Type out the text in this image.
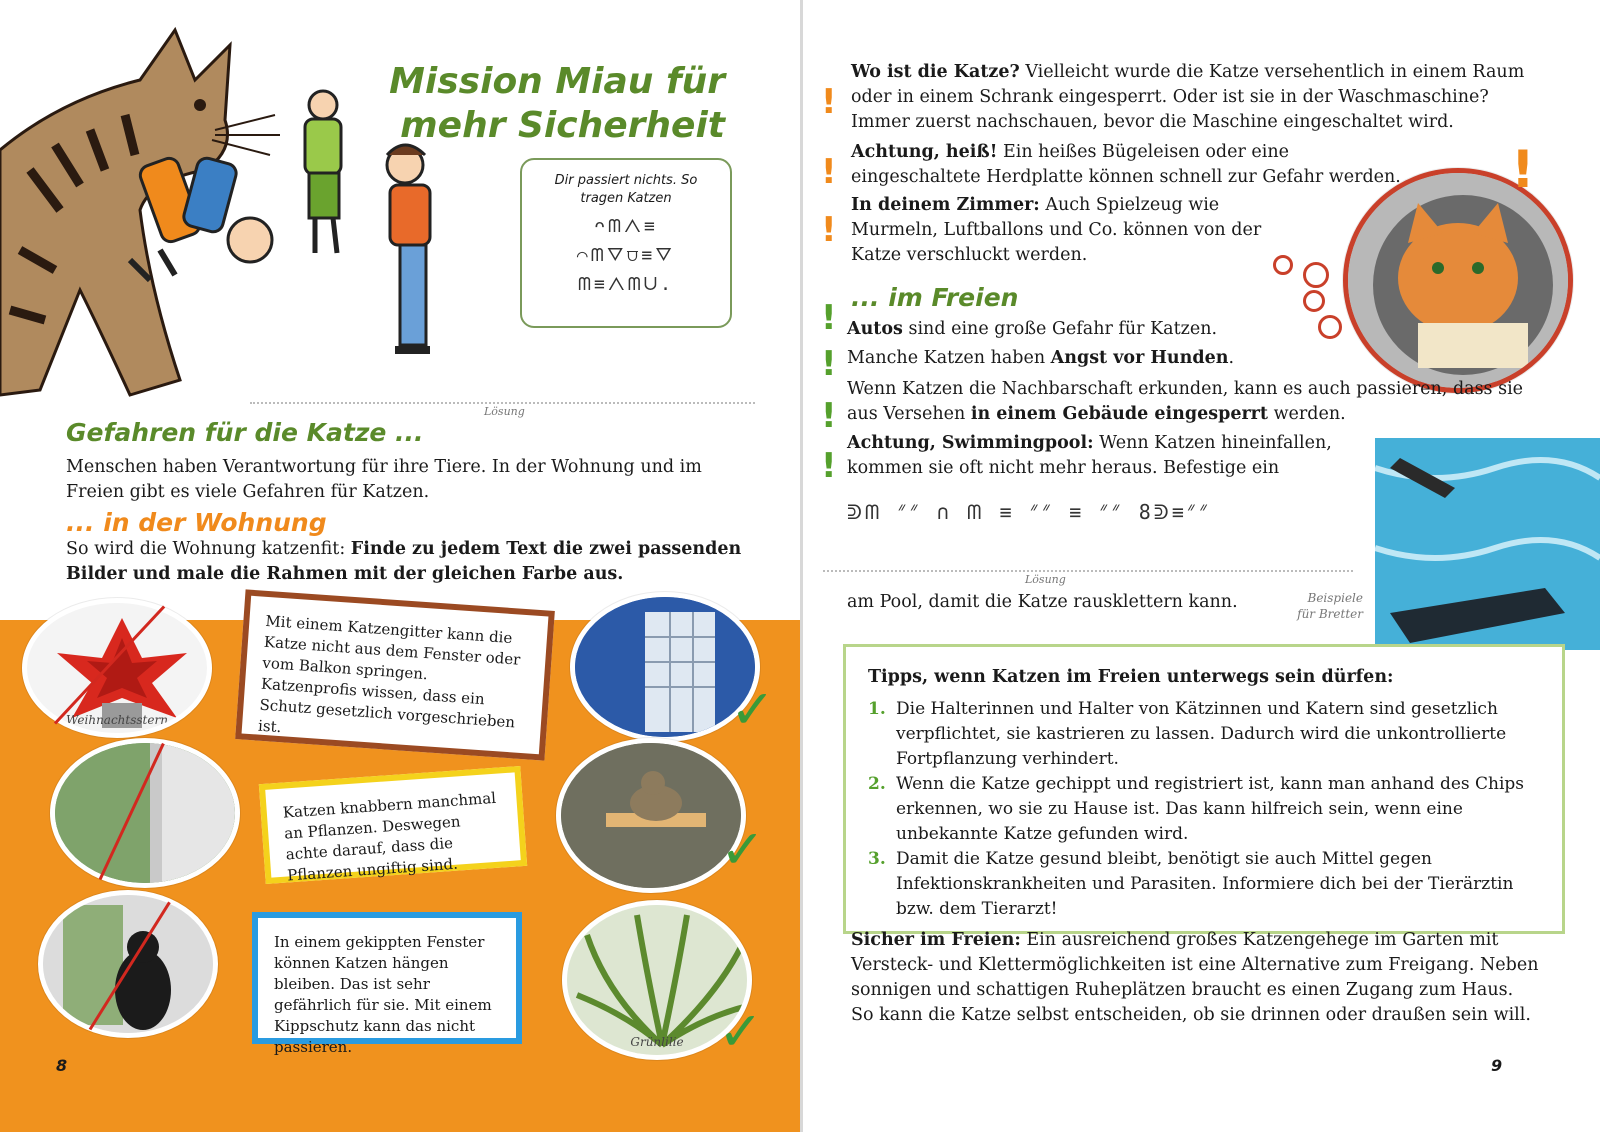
Mission Miau für mehr Sicherheit
Dir passiert nichts. So tragen Katzen
ᴖᗰᐱ≡
⌒ᗰᐁ⩌≡ᐁ
ᗰ≡ᐱᗰᑌ.
Lösung
Gefahren für die Katze ...

Menschen haben Verantwortung für ihre Tiere. In der Wohnung und im Freien gibt es viele Gefahren für Katzen.

... in der Wohnung

So wird die Wohnung katzenfit: Finde zu jedem Text die zwei passenden Bilder und male die Rahmen mit der gleichen Farbe aus.

Weihnachtsstern
Mit einem Katzengitter kann die Katze nicht aus dem Fenster oder vom Balkon springen. Katzenprofis wissen, dass ein Schutz gesetzlich vorgeschrieben ist.
Katzen knabbern manchmal an Pflanzen. Deswegen achte darauf, dass die Pflanzen ungiftig sind.
In einem gekippten Fenster können Katzen hängen bleiben. Das ist sehr gefährlich für sie. Mit einem Kippschutz kann das nicht passieren.
✓
✓
Grünlilie ✓
8
!
!
!

Wo ist die Katze? Vielleicht wurde die Katze versehentlich in einem Raum oder in einem Schrank eingesperrt. Oder ist sie in der Waschmaschine? Immer zuerst nachschauen, bevor die Maschine eingeschaltet wird.

Achtung, heiß! Ein heißes Bügeleisen oder eine eingeschaltete Herdplatte können schnell zur Gefahr werden.

In deinem Zimmer: Auch Spielzeug wie Murmeln, Luftballons und Co. können von der Katze verschluckt werden.

!
... im Freien
!
!
!
!

Autos sind eine große Gefahr für Katzen.

Manche Katzen haben Angst vor Hunden.

Wenn Katzen die Nachbarschaft erkunden, kann es auch passieren, dass sie aus Versehen in einem Gebäude eingesperrt werden.

Achtung, Swimmingpool: Wenn Katzen hineinfallen, kommen sie oft nicht mehr heraus. Befestige ein

ᕲᗰ ᐥᐥ ∩ ᗰ ≡ ᐥᐥ ≡ ᐥᐥ 8ᕲ≡ᐥᐥ
Lösung

am Pool, damit die Katze rausklettern kann.	Beispiele für Bretter
9
Tipps, wenn Katzen im Freien unterwegs sein dürfen:
1. Die Halterinnen und Halter von Kätzinnen und Katern sind gesetzlich verpflichtet, sie kastrieren zu lassen. Dadurch wird die unkontrollierte Fortpflanzung verhindert.
2. Wenn die Katze gechippt und registriert ist, kann man anhand des Chips erkennen, wo sie zu Hause ist. Das kann hilfreich sein, wenn eine unbekannte Katze gefunden wird.
3. Damit die Katze gesund bleibt, benötigt sie auch Mittel gegen Infektionskrankheiten und Parasiten. Informiere dich bei der Tierärztin bzw. dem Tierarzt!

Sicher im Freien: Ein ausreichend großes Katzengehege im Garten mit Versteck- und Klettermöglichkeiten ist eine Alternative zum Freigang. Neben sonnigen und schattigen Ruheplätzen braucht es einen Zugang zum Haus. So kann die Katze selbst entscheiden, ob sie drinnen oder draußen sein will.
